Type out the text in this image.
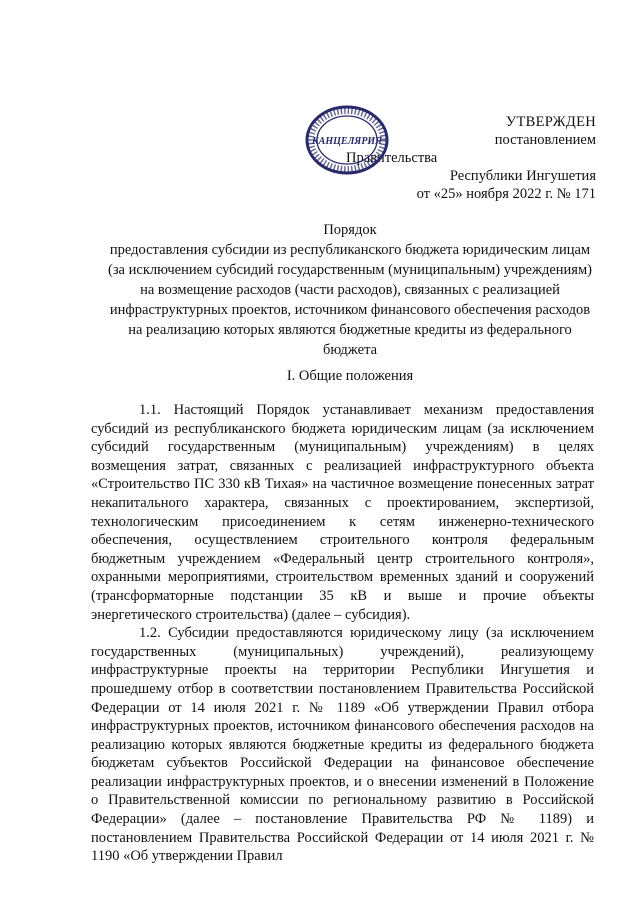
УТВЕРЖДЕН
постановлением
Правительства
Республики Ингушетия
от «25» ноября 2022 г. № 171
КАНЦЕЛЯРИЯ
Порядок
предоставления субсидии из республиканского бюджета юридическим лицам
(за исключением субсидий государственным (муниципальным) учреждениям)
на возмещение расходов (части расходов), связанных с реализацией
инфраструктурных проектов, источником финансового обеспечения расходов
на реализацию которых являются бюджетные кредиты из федерального
бюджета
I. Общие положения

1.1. Настоящий Порядок устанавливает механизм предоставления субсидий из республиканского бюджета юридическим лицам (за исключением субсидий государственным (муниципальным) учреждениям) в целях возмещения затрат, связанных с реализацией инфраструктурного объекта «Строительство ПС 330 кВ Тихая» на частичное возмещение понесенных затрат некапитального характера, связанных с проектированием, экспертизой, технологическим присоединением к сетям инженерно-технического обеспечения, осуществлением строительного контроля федеральным бюджетным учреждением «Федеральный центр строительного контроля», охранными мероприятиями, строительством временных зданий и сооружений (трансформаторные подстанции 35 кВ и выше и прочие объекты энергетического строительства) (далее – субсидия).

1.2. Субсидии предоставляются юридическому лицу (за исключением государственных (муниципальных) учреждений), реализующему инфраструктурные проекты на территории Республики Ингушетия и прошедшему отбор в соответствии постановлением Правительства Российской Федерации от 14 июля 2021 г. № 1189 «Об утверждении Правил отбора инфраструктурных проектов, источником финансового обеспечения расходов на реализацию которых являются бюджетные кредиты из федерального бюджета бюджетам субъектов Российской Федерации на финансовое обеспечение реализации инфраструктурных проектов, и о внесении изменений в Положение о Правительственной комиссии по региональному развитию в Российской Федерации» (далее – постановление Правительства РФ № 1189) и постановлением Правительства Российской Федерации от 14 июля 2021 г. № 1190 «Об утверждении Правил
